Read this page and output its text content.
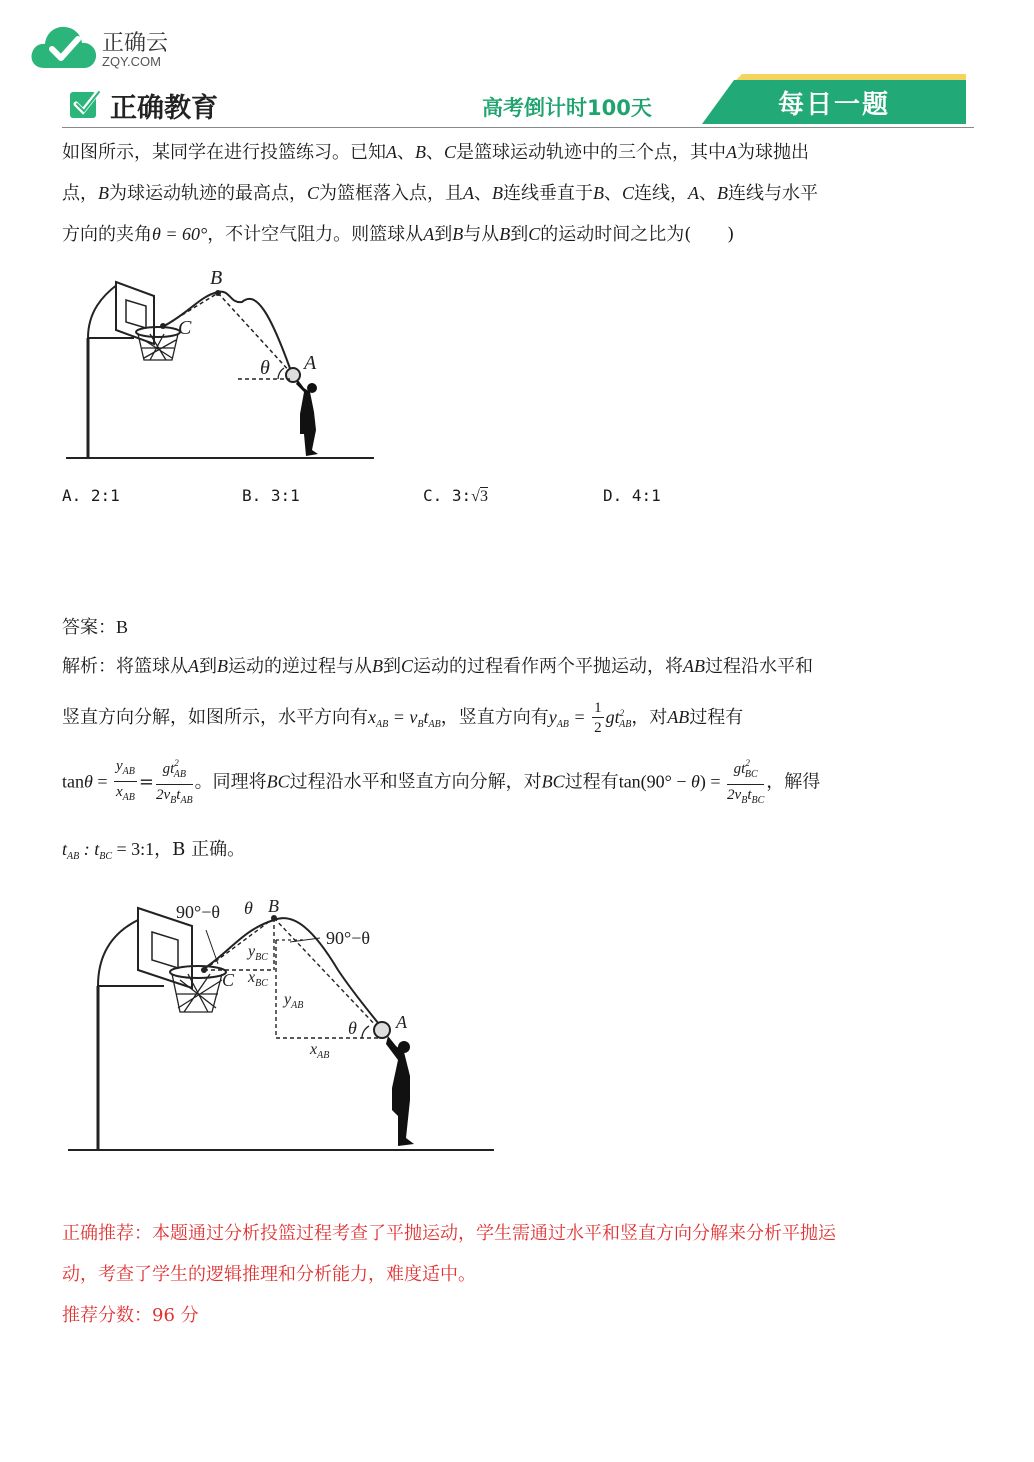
正确云
ZQY.COM
正确教育	高考倒计时100天	每日一题
如图所示，某同学在进行投篮练习。已知A、B、C是篮球运动轨迹中的三个点，其中A为球抛出
点，B为球运动轨迹的最高点，C为篮框落入点，且A、B连线垂直于B、C连线，A、B连线与水平
方向的夹角θ = 60°，不计空气阻力。则篮球从A到B与从B到C的运动时间之比为(　　)
B
C
A
θ
A. 2:1	B. 3:1	C. 3:√3	D. 4:1
答案：B
解析：将篮球从A到B运动的逆过程与从B到C运动的过程看作两个平抛运动，将AB过程沿水平和
竖直方向分解，如图所示，水平方向有$x_{AB} = v_Bt_{AB}$，竖直方向有$y_{AB} = \frac{1}{2} gt^2_{AB}$，对AB过程有
$\tan\theta = \frac{y_{AB}}{x_{AB}} = \frac{gt^2_{AB}}{2v_Bt_{AB}}$ 。同理将BC过程沿水平和竖直方向分解，对BC过程有$\tan(90^\circ - \theta) = \frac{gt^2_{BC}}{2v_Bt_{BC}}$ ，解得
$t_{AB}$ : $t_{BC}$ = 3:1，B 正确。
90°−θ θ B
90°−θ
C
$y_{BC}$
$x_{BC}$
$y_{AB}$
$x_{AB}$
θ A
正确推荐：本题通过分析投篮过程考查了平抛运动，学生需通过水平和竖直方向分解来分析平抛运
动，考查了学生的逻辑推理和分析能力，难度适中。
推荐分数：96 分
